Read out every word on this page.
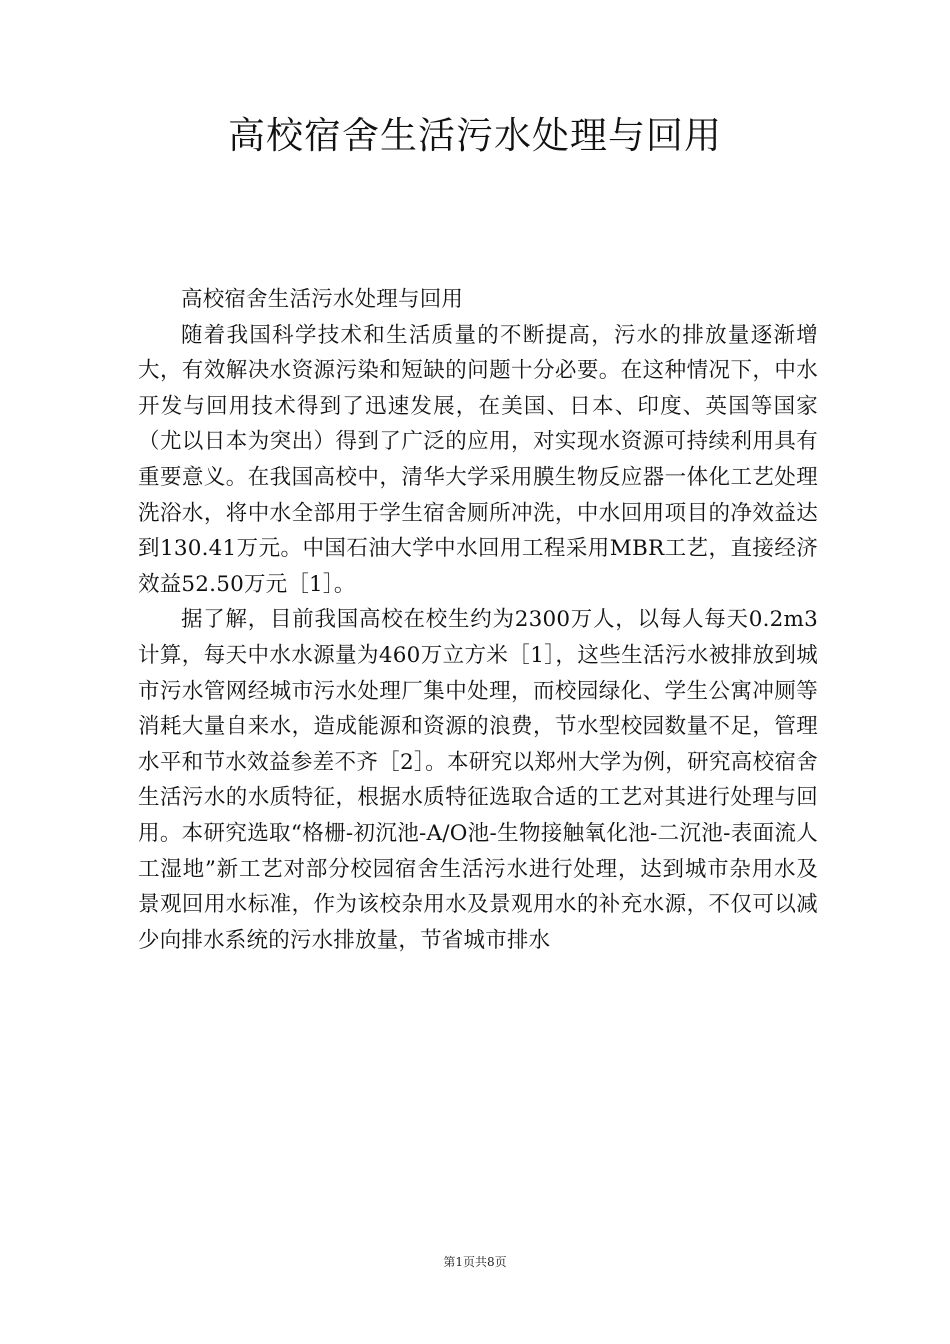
高校宿舍生活污水处理与回用

高校宿舍生活污水处理与回用

随着我国科学技术和生活质量的不断提高，污水的排放量逐渐增大，有效解决水资源污染和短缺的问题十分必要。在这种情况下，中水开发与回用技术得到了迅速发展，在美国、日本、印度、英国等国家（尤以日本为突出）得到了广泛的应用，对实现水资源可持续利用具有重要意义。在我国高校中，清华大学采用膜生物反应器一体化工艺处理洗浴水，将中水全部用于学生宿舍厕所冲洗，中水回用项目的净效益达到130.41万元。中国石油大学中水回用工程采用MBR工艺，直接经济效益52.50万元［1］。

据了解，目前我国高校在校生约为2300万人，以每人每天0.2m3计算，每天中水水源量为460万立方米［1］，这些生活污水被排放到城市污水管网经城市污水处理厂集中处理，而校园绿化、学生公寓冲厕等消耗大量自来水，造成能源和资源的浪费，节水型校园数量不足，管理水平和节水效益参差不齐［2］。本研究以郑州大学为例，研究高校宿舍生活污水的水质特征，根据水质特征选取合适的工艺对其进行处理与回用。本研究选取“格栅-初沉池-A/O池-生物接触氧化池-二沉池-表面流人工湿地”新工艺对部分校园宿舍生活污水进行处理，达到城市杂用水及景观回用水标准，作为该校杂用水及景观用水的补充水源，不仅可以减少向排水系统的污水排放量，节省城市排水

第1页共8页
